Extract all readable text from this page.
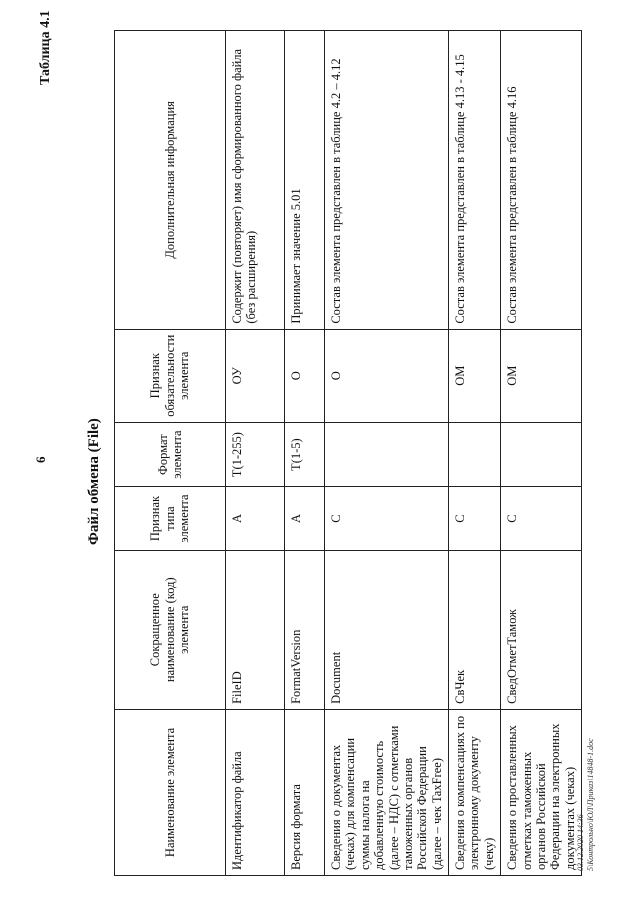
Таблица 4.1
6	Файл обмена (File)
Наименование элемента	Сокращенное наименование (код) элемента	Признак типа элемента	Формат элемента	Признак обязательности элемента	Дополнительная информация
Идентификатор файла	FileID	А	T(1-255)	ОУ	Содержит (повторяет) имя сформированного файла (без расширения)
Версия формата	FormatVersion	А	T(1-5)	О	Принимает значение 5.01
Сведения о документах (чеках) для компенсации суммы налога на добавленную стоимость (далее – НДС) с отметками таможенных органов Российской Федерации (далее – чек TaxFree)	Document	С		О	Состав элемента представлен в таблице 4.2 – 4.12
Сведения о компенсациях по электронному документу (чеку)	СвЧек	С		ОМ	Состав элемента представлен в таблице 4.13 - 4.15
Сведения о проставленных отметках таможенных органов Российской Федерации на электронных документах (чеках)	СведОтметТамож	С		ОМ	Состав элемента представлен в таблице 4.16
03.12.2020 14:36 5\Контрольно\ЮЛ\Приказ\14848-1.doc
